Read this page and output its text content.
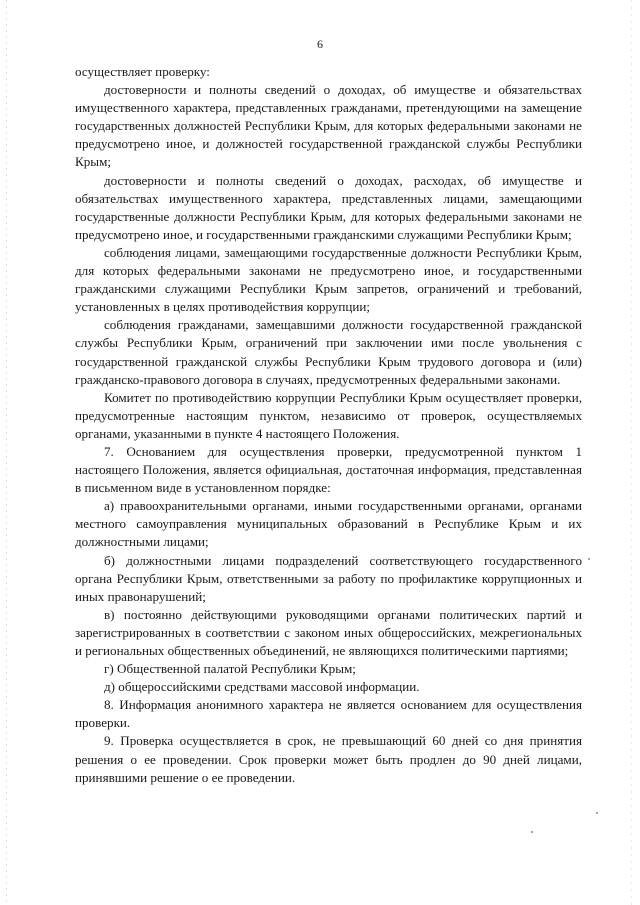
6

осуществляет проверку:

достоверности и полноты сведений о доходах, об имуществе и обязательствах имущественного характера, представленных гражданами, претендующими на замещение государственных должностей Республики Крым, для которых федеральными законами не предусмотрено иное, и должностей государственной гражданской службы Республики Крым;

достоверности и полноты сведений о доходах, расходах, об имуществе и обязательствах имущественного характера, представленных лицами, замещающими государственные должности Республики Крым, для которых федеральными законами не предусмотрено иное, и государственными гражданскими служащими Республики Крым;

соблюдения лицами, замещающими государственные должности Республики Крым, для которых федеральными законами не предусмотрено иное, и государственными гражданскими служащими Республики Крым запретов, ограничений и требований, установленных в целях противодействия коррупции;

соблюдения гражданами, замещавшими должности государственной гражданской службы Республики Крым, ограничений при заключении ими после увольнения с государственной гражданской службы Республики Крым трудового договора и (или) гражданско-правового договора в случаях, предусмотренных федеральными законами.

Комитет по противодействию коррупции Республики Крым осуществляет проверки, предусмотренные настоящим пунктом, независимо от проверок, осуществляемых органами, указанными в пункте 4 настоящего Положения.

7. Основанием для осуществления проверки, предусмотренной пунктом 1 настоящего Положения, является официальная, достаточная информация, представленная в письменном виде в установленном порядке:

а) правоохранительными органами, иными государственными органами, органами местного самоуправления муниципальных образований в Республике Крым и их должностными лицами;

б) должностными лицами подразделений соответствующего государственного органа Республики Крым, ответственными за работу по профилактике коррупционных и иных правонарушений;

в) постоянно действующими руководящими органами политических партий и зарегистрированных в соответствии с законом иных общероссийских, межрегиональных и региональных общественных объединений, не являющихся политическими партиями;

г) Общественной палатой Республики Крым;

д) общероссийскими средствами массовой информации.

8. Информация анонимного характера не является основанием для осуществления проверки.

9. Проверка осуществляется в срок, не превышающий 60 дней со дня принятия решения о ее проведении. Срок проверки может быть продлен до 90 дней лицами, принявшими решение о ее проведении.
